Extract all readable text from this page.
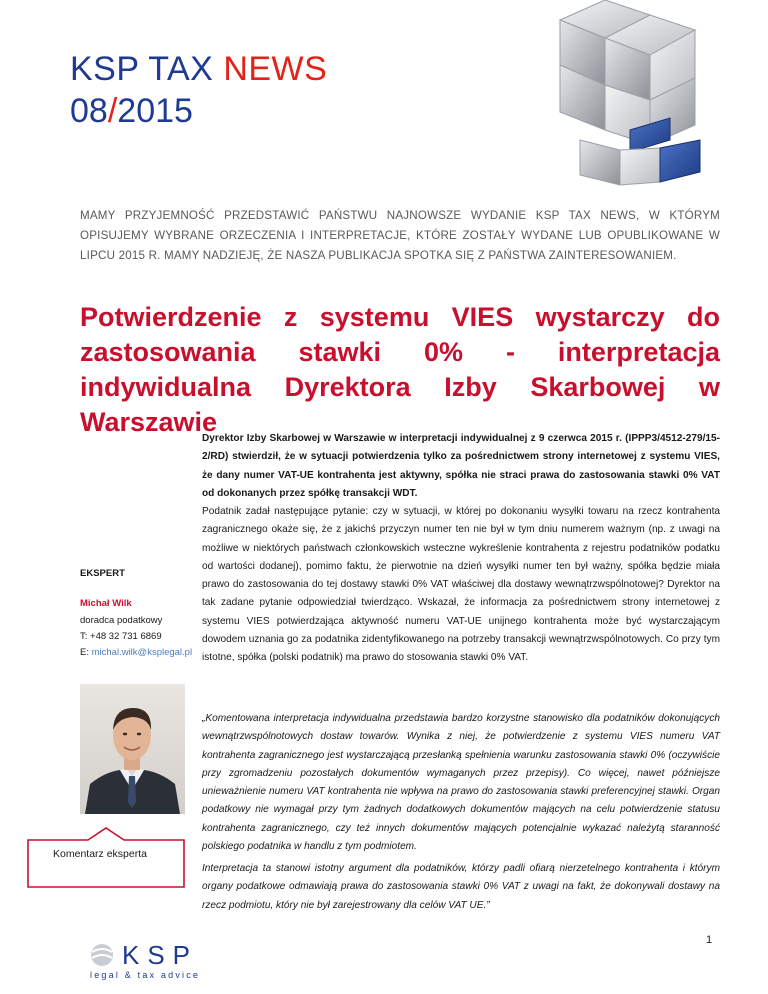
KSP TAX NEWS
08/2015
MAMY PRZYJEMNOŚĆ PRZEDSTAWIĆ PAŃSTWU NAJNOWSZE WYDANIE KSP TAX NEWS, W KTÓRYM OPISUJEMY WYBRANE ORZECZENIA I INTERPRETACJE, KTÓRE ZOSTAŁY WYDANE LUB OPUBLIKOWANE W LIPCU 2015 R. MAMY NADZIEJĘ, ŻE NASZA PUBLIKACJA SPOTKA SIĘ Z PAŃSTWA ZAINTERESOWANIEM.
Potwierdzenie z systemu VIES wystarczy do zastosowania stawki 0% - interpretacja indywidualna Dyrektora Izby Skarbowej w Warszawie
Dyrektor Izby Skarbowej w Warszawie w interpretacji indywidualnej z 9 czerwca 2015 r. (IPPP3/4512-279/15-2/RD) stwierdził, że w sytuacji potwierdzenia tylko za pośrednictwem strony internetowej z systemu VIES, że dany numer VAT-UE kontrahenta jest aktywny, spółka nie straci prawa do zastosowania stawki 0% VAT od dokonanych przez spółkę transakcji WDT.
Podatnik zadał następujące pytanie: czy w sytuacji, w której po dokonaniu wysyłki towaru na rzecz kontrahenta zagranicznego okaże się, że z jakichś przyczyn numer ten nie był w tym dniu numerem ważnym (np. z uwagi na możliwe w niektórych państwach członkowskich wsteczne wykreślenie kontrahenta z rejestru podatników podatku od wartości dodanej), pomimo faktu, że pierwotnie na dzień wysyłki numer ten był ważny, spółka będzie miała prawo do zastosowania do tej dostawy stawki 0% VAT właściwej dla dostawy wewnątrzwspólnotowej? Dyrektor na tak zadane pytanie odpowiedział twierdząco. Wskazał, że informacja za pośrednictwem strony internetowej z systemu VIES potwierdzająca aktywność numeru VAT-UE unijnego kontrahenta może być wystarczającym dowodem uznania go za podatnika zidentyfikowanego na potrzeby transakcji wewnątrzwspólnotowych. Co przy tym istotne, spółka (polski podatnik) ma prawo do stosowania stawki 0% VAT.
„Komentowana interpretacja indywidualna przedstawia bardzo korzystne stanowisko dla podatników dokonujących wewnątrzwspólnotowych dostaw towarów. Wynika z niej, że potwierdzenie z systemu VIES numeru VAT kontrahenta zagranicznego jest wystarczającą przesłanką spełnienia warunku zastosowania stawki 0% (oczywiście przy zgromadzeniu pozostałych dokumentów wymaganych przez przepisy). Co więcej, nawet późniejsze unieważnienie numeru VAT kontrahenta nie wpływa na prawo do zastosowania stawki preferencyjnej stawki. Organ podatkowy nie wymagał przy tym żadnych dodatkowych dokumentów mających na celu potwierdzenie statusu kontrahenta zagranicznego, czy też innych dokumentów mających potencjalnie wykazać należytą staranność polskiego podatnika w handlu z tym podmiotem.
Interpretacja ta stanowi istotny argument dla podatników, którzy padli ofiarą nierzetelnego kontrahenta i którym organy podatkowe odmawiają prawa do zastosowania stawki 0% VAT z uwagi na fakt, że dokonywali dostawy na rzecz podmiotu, który nie był zarejestrowany dla celów VAT UE.”
EKSPERT
Michał Wilk
doradca podatkowy
T: +48 32 731 6869
E: michal.wilk@ksplegal.pl
Komentarz eksperta
KSP
legal & tax advice
1
